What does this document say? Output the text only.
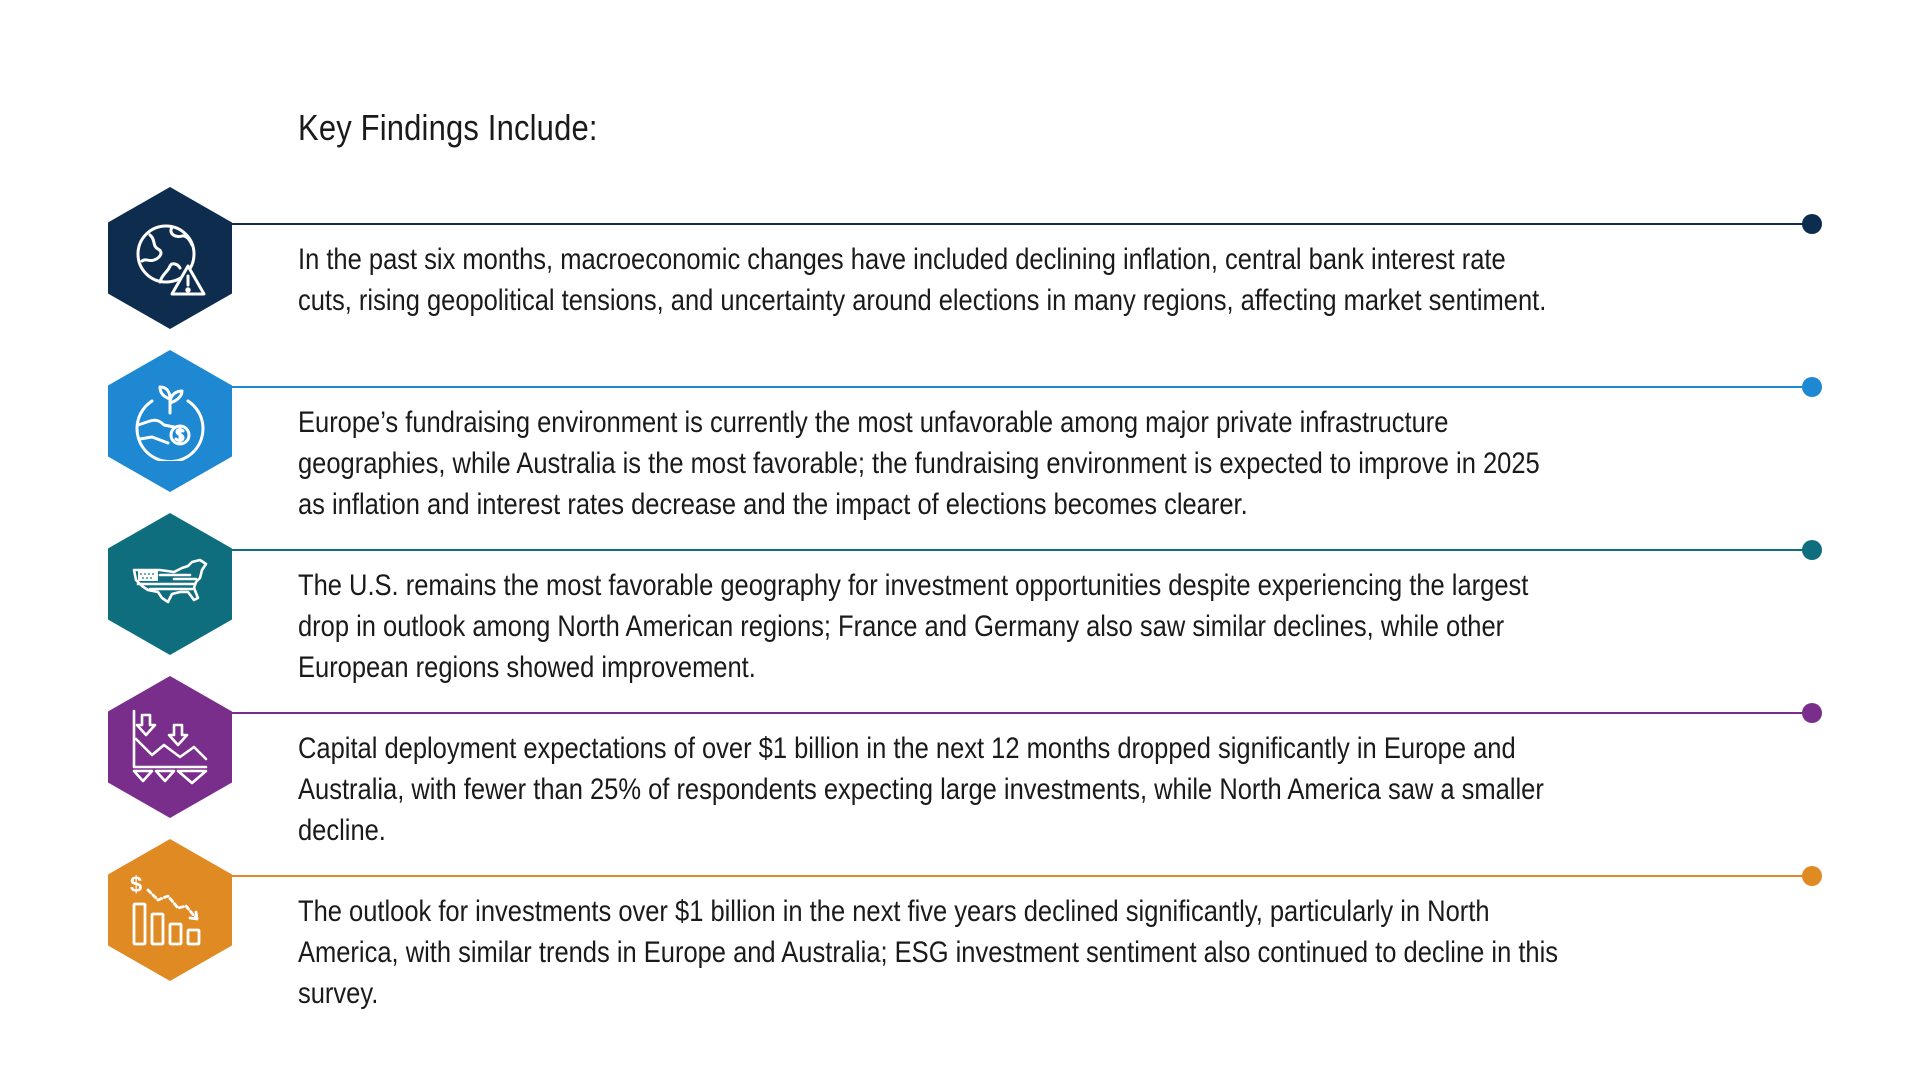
Key Findings Include:
In the past six months, macroeconomic changes have included declining inflation, central bank interest rate
cuts, rising geopolitical tensions, and uncertainty around elections in many regions, affecting market sentiment.
Europe’s fundraising environment is currently the most unfavorable among major private infrastructure
geographies, while Australia is the most favorable; the fundraising environment is expected to improve in 2025
as inflation and interest rates decrease and the impact of elections becomes clearer.
The U.S. remains the most favorable geography for investment opportunities despite experiencing the largest
drop in outlook among North American regions; France and Germany also saw similar declines, while other
European regions showed improvement.
Capital deployment expectations of over $1 billion in the next 12 months dropped significantly in Europe and
Australia, with fewer than 25% of respondents expecting large investments, while North America saw a smaller
decline.
$
The outlook for investments over $1 billion in the next five years declined significantly, particularly in North
America, with similar trends in Europe and Australia; ESG investment sentiment also continued to decline in this
survey.
